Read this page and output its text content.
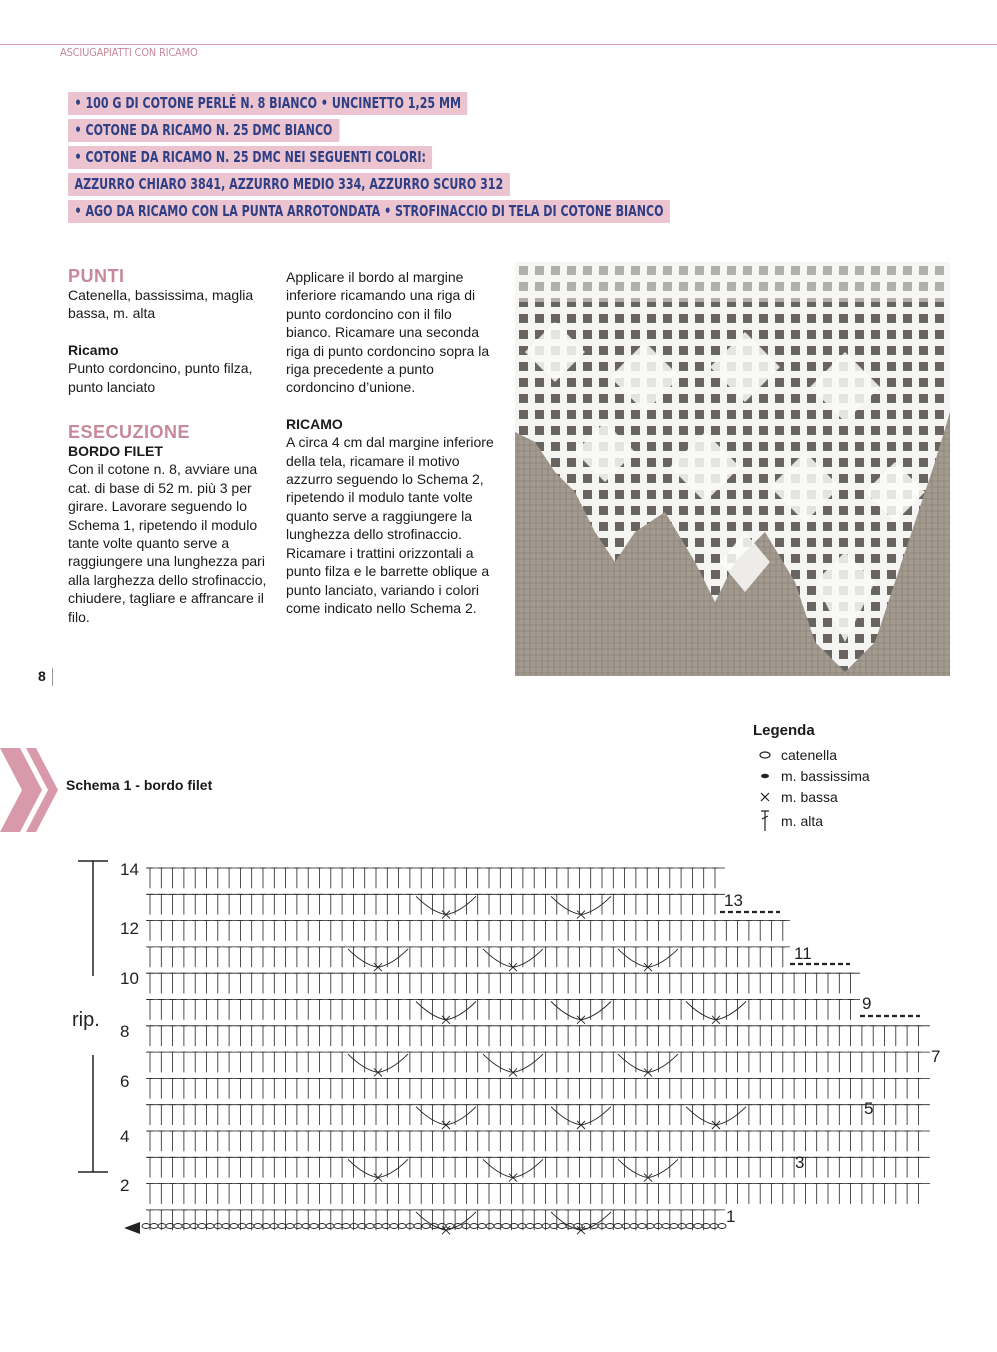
ASCIUGAPIATTI CON RICAMO
• 100 G DI COTONE PERLÉ N. 8 BIANCO • UNCINETTO 1,25 MM
• COTONE DA RICAMO N. 25 DMC BIANCO
• COTONE DA RICAMO N. 25 DMC NEI SEGUENTI COLORI:
AZZURRO CHIARO 3841, AZZURRO MEDIO 334, AZZURRO SCURO 312
• AGO DA RICAMO CON LA PUNTA ARROTONDATA • STROFINACCIO DI TELA DI COTONE BIANCO

PUNTI

Catenella, bassissima, maglia bassa, m. alta

Ricamo

Punto cordoncino, punto filza, punto lanciato

ESECUZIONE

BORDO FILET

Con il cotone n. 8, avviare una cat. di base di 52 m. più 3 per girare. Lavorare seguendo lo Schema 1, ripetendo il modulo tante volte quanto serve a raggiungere una lunghezza pari alla larghezza dello strofinaccio, chiudere, tagliare e affrancare il filo.

Applicare il bordo al margine inferiore ricamando una riga di punto cordoncino con il filo bianco. Ricamare una seconda riga di punto cordoncino sopra la riga precedente a punto cordoncino d’unione.

RICAMO

A circa 4 cm dal margine inferiore della tela, ricamare il motivo azzurro seguendo lo Schema 2, ripetendo il modulo tante volte quanto serve a raggiungere la lunghezza dello strofinaccio. Ricamare i trattini orizzontali a punto filza e le barrette oblique a punto lanciato, variando i colori come indicato nello Schema 2.

8
Legenda
catenella
m. bassissima
m. bassa
m. alta
Schema 1 - bordo filet
rip.
14
12
10
8
6
4
2
13
11
9
7
5
3
1
